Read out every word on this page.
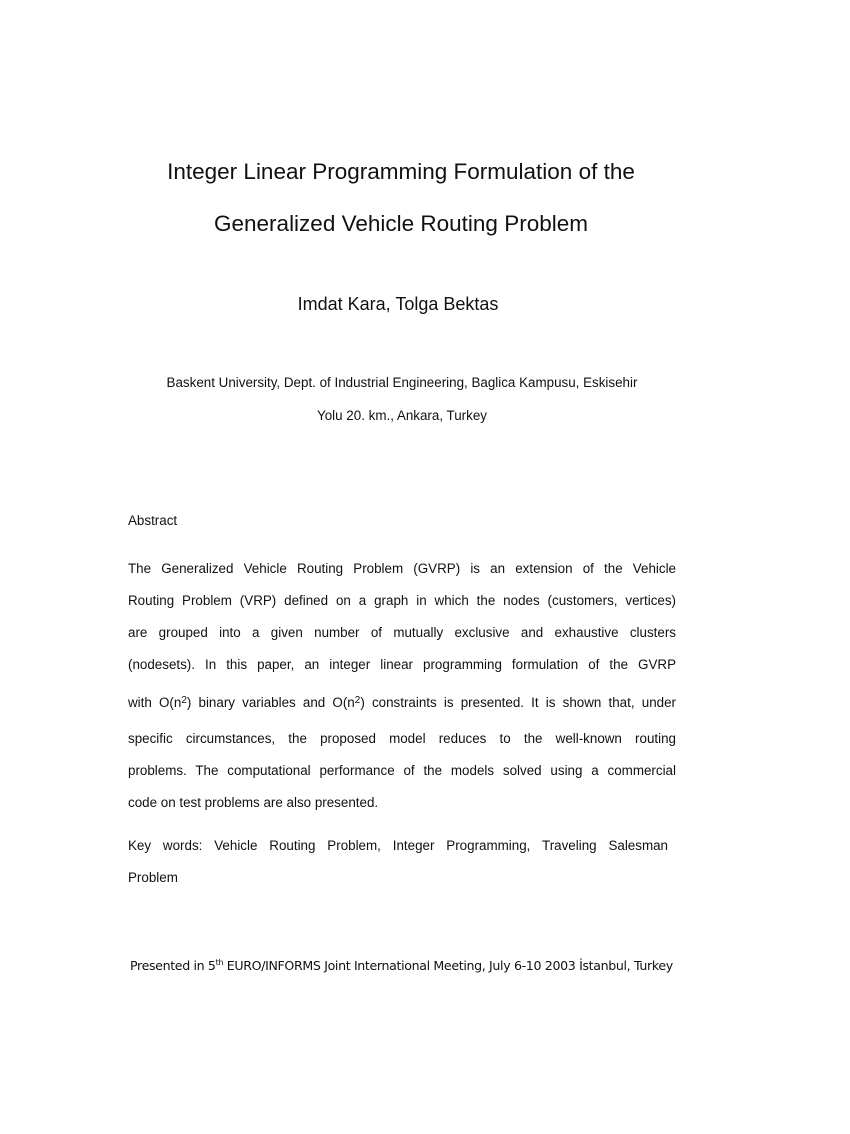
Integer Linear Programming Formulation of the
Generalized Vehicle Routing Problem
Imdat Kara, Tolga Bektas
Baskent University, Dept. of Industrial Engineering, Baglica Kampusu, Eskisehir
Yolu 20. km., Ankara, Turkey
Abstract
The Generalized Vehicle Routing Problem (GVRP) is an extension of the Vehicle
Routing Problem (VRP) defined on a graph in which the nodes (customers, vertices)
are grouped into a given number of mutually exclusive and exhaustive clusters
(nodesets). In this paper, an integer linear programming formulation of the GVRP
with $O(n^2)$ binary variables and $O(n^2)$ constraints is presented. It is shown that, under
specific circumstances, the proposed model reduces to the well-known routing
problems. The computational performance of the models solved using a commercial
code on test problems are also presented.
Key words: Vehicle Routing Problem, Integer Programming, Traveling Salesman
Problem
Presented in 5th EURO/INFORMS Joint International Meeting, July 6-10 2003 İstanbul, Turkey
